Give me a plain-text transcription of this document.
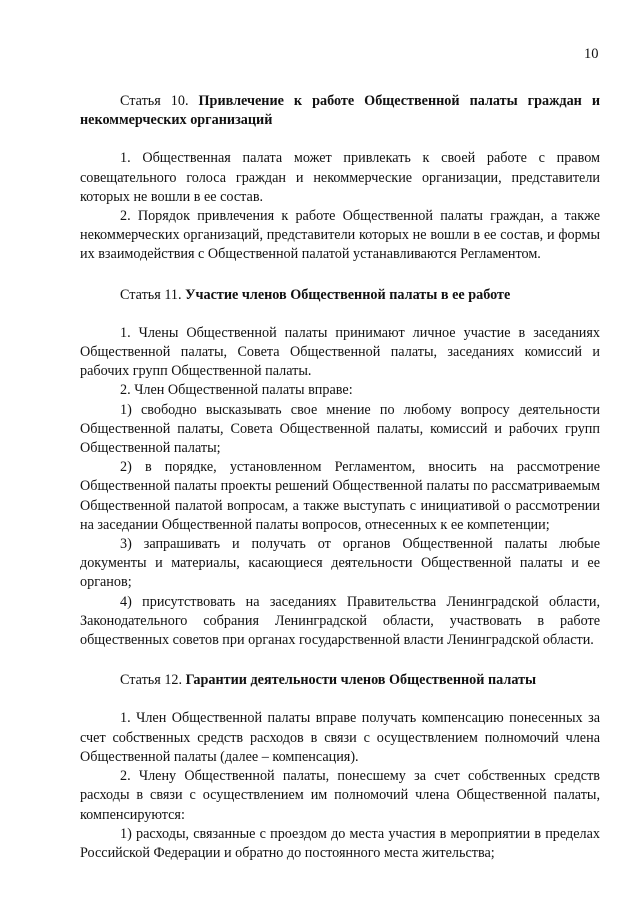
10
Статья 10. Привлечение к работе Общественной палаты граждан и некоммерческих организаций

1. Общественная палата может привлекать к своей работе с правом совещательного голоса граждан и некоммерческие организации, представители которых не вошли в ее состав.

2. Порядок привлечения к работе Общественной палаты граждан, а также некоммерческих организаций, представители которых не вошли в ее состав, и формы их взаимодействия с Общественной палатой устанавливаются Регламентом.

Статья 11. Участие членов Общественной палаты в ее работе

1. Члены Общественной палаты принимают личное участие в заседаниях Общественной палаты, Совета Общественной палаты, заседаниях комиссий и рабочих групп Общественной палаты.

2. Член Общественной палаты вправе:

1) свободно высказывать свое мнение по любому вопросу деятельности Общественной палаты, Совета Общественной палаты, комиссий и рабочих групп Общественной палаты;

2) в порядке, установленном Регламентом, вносить на рассмотрение Общественной палаты проекты решений Общественной палаты по рассматриваемым Общественной палатой вопросам, а также выступать с инициативой о рассмотрении на заседании Общественной палаты вопросов, отнесенных к ее компетенции;

3) запрашивать и получать от органов Общественной палаты любые документы и материалы, касающиеся деятельности Общественной палаты и ее органов;

4) присутствовать на заседаниях Правительства Ленинградской области, Законодательного собрания Ленинградской области, участвовать в работе общественных советов при органах государственной власти Ленинградской области.

Статья 12. Гарантии деятельности членов Общественной палаты

1. Член Общественной палаты вправе получать компенсацию понесенных за счет собственных средств расходов в связи с осуществлением полномочий члена Общественной палаты (далее – компенсация).

2. Члену Общественной палаты, понесшему за счет собственных средств расходы в связи с осуществлением им полномочий члена Общественной палаты, компенсируются:

1) расходы, связанные с проездом до места участия в мероприятии в пределах Российской Федерации и обратно до постоянного места жительства;
